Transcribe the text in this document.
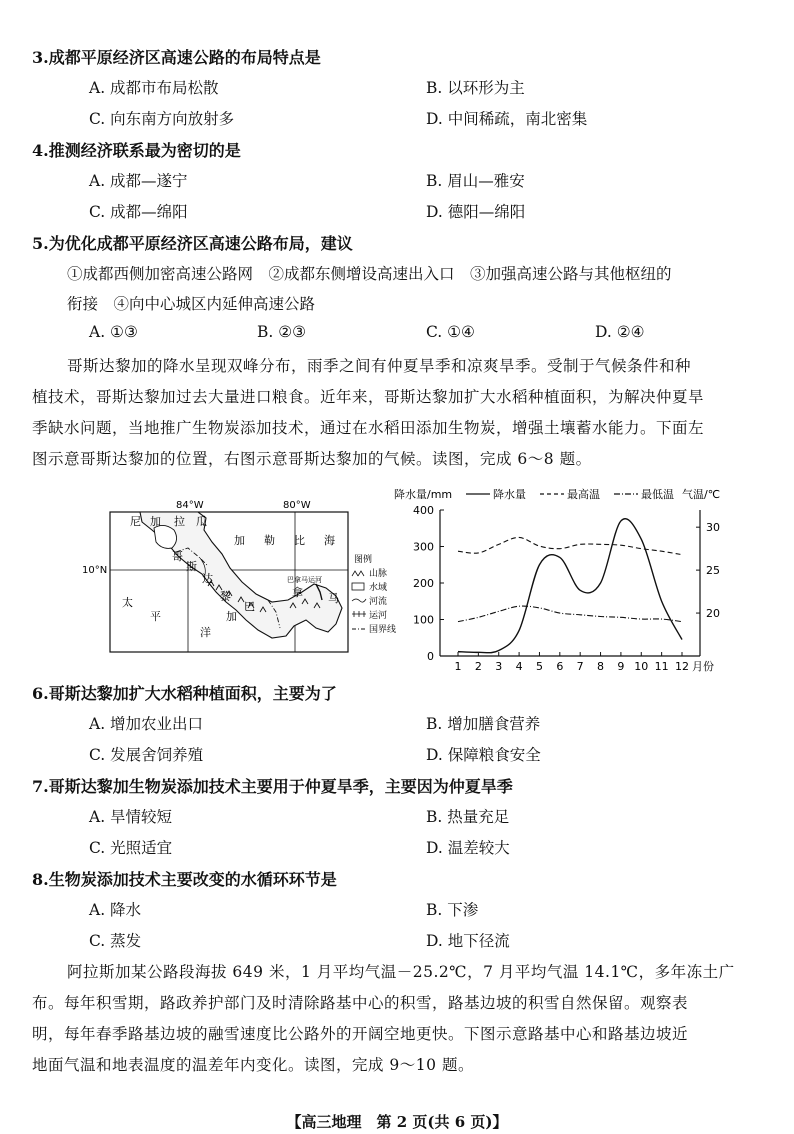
3.成都平原经济区高速公路的布局特点是
A. 成都市布局松散	B. 以环形为主
C. 向东南方向放射多	D. 中间稀疏，南北密集
4.推测经济联系最为密切的是
A. 成都—遂宁	B. 眉山—雅安
C. 成都—绵阳	D. 德阳—绵阳
5.为优化成都平原经济区高速公路布局，建议
①成都西侧加密高速公路网　②成都东侧增设高速出入口　③加强高速公路与其他枢纽的
衔接　④向中心城区内延伸高速公路
A. ①③	B. ②③	C. ①④	D. ②④
哥斯达黎加的降水呈现双峰分布，雨季之间有仲夏旱季和凉爽旱季。受制于气候条件和种
植技术，哥斯达黎加过去大量进口粮食。近年来，哥斯达黎加扩大水稻种植面积，为解决仲夏旱
季缺水问题，当地推广生物炭添加技术，通过在水稻田添加生物炭，增强土壤蓄水能力。下面左
图示意哥斯达黎加的位置，右图示意哥斯达黎加的气候。读图，完成 6～8 题。
84°W	80°W
10°N
尼 加 拉 瓜
哥
斯
达
黎
加
加 勒 比 海
巴
拿 马
巴拿马运河
太
平
洋
图例
山脉
水域
河流
运河
国界线
降水量/mm	气温/℃
降水量	最高温	最低温
0
100
200
300
400
20
25
30
1 2 3 4 5 6 7 8 9 10 11 12 月份
6.哥斯达黎加扩大水稻种植面积，主要为了
A. 增加农业出口	B. 增加膳食营养
C. 发展舍饲养殖	D. 保障粮食安全
7.哥斯达黎加生物炭添加技术主要用于仲夏旱季，主要因为仲夏旱季
A. 旱情较短	B. 热量充足
C. 光照适宜	D. 温差较大
8.生物炭添加技术主要改变的水循环环节是
A. 降水	B. 下渗
C. 蒸发	D. 地下径流
阿拉斯加某公路段海拔 649 米，1 月平均气温－25.2℃，7 月平均气温 14.1℃，多年冻土广
布。每年积雪期，路政养护部门及时清除路基中心的积雪，路基边坡的积雪自然保留。观察表
明，每年春季路基边坡的融雪速度比公路外的开阔空地更快。下图示意路基中心和路基边坡近
地面气温和地表温度的温差年内变化。读图，完成 9～10 题。
【高三地理　第 2 页(共 6 页)】
